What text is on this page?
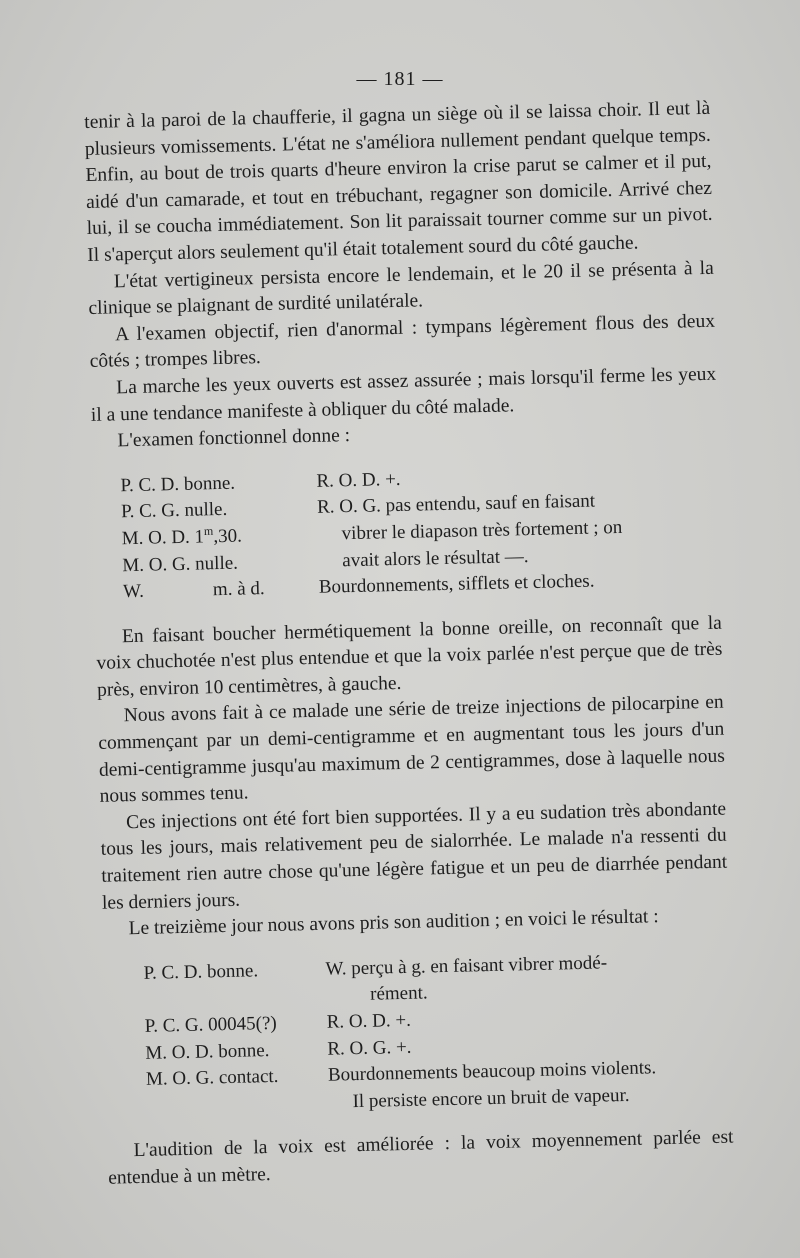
— 181 —

tenir à la paroi de la chaufferie, il gagna un siège où il se laissa choir. Il eut là plusieurs vomissements. L'état ne s'améliora nullement pendant quelque temps. Enfin, au bout de trois quarts d'heure environ la crise parut se calmer et il put, aidé d'un camarade, et tout en trébuchant, regagner son domicile. Arrivé chez lui, il se coucha immédiatement. Son lit paraissait tourner comme sur un pivot. Il s'aperçut alors seulement qu'il était totalement sourd du côté gauche.

L'état vertigineux persista encore le lendemain, et le 20 il se présenta à la clinique se plaignant de surdité unilatérale.

A l'examen objectif, rien d'anormal : tympans légèrement flous des deux côtés ; trompes libres.

La marche les yeux ouverts est assez assurée ; mais lorsqu'il ferme les yeux il a une tendance manifeste à obliquer du côté malade.

L'examen fonctionnel donne :

P. C. D. bonne.
P. C. G. nulle.
M. O. D. 1$^m$,30.
M. O. G. nulle.
W.	m. à d.
R. O. D. +.
R. O. G. pas entendu, sauf en faisant
vibrer le diapason très fortement ; on
avait alors le résultat —.
Bourdonnements, sifflets et cloches.

En faisant boucher hermétiquement la bonne oreille, on reconnaît que la voix chuchotée n'est plus entendue et que la voix parlée n'est perçue que de très près, environ 10 centimètres, à gauche.

Nous avons fait à ce malade une série de treize injections de pilocarpine en commençant par un demi-centigramme et en augmentant tous les jours d'un demi-centigramme jusqu'au maximum de 2 centigrammes, dose à laquelle nous nous sommes tenu.

Ces injections ont été fort bien supportées. Il y a eu sudation très abondante tous les jours, mais relativement peu de sialorrhée. Le malade n'a ressenti du traitement rien autre chose qu'une légère fatigue et un peu de diarrhée pendant les derniers jours.

Le treizième jour nous avons pris son audition ; en voici le résultat :

P. C. D. bonne.
P. C. G. 00045(?)
M. O. D. bonne.
M. O. G. contact.
W. perçu à g. en faisant vibrer modé-
rément.
R. O. D. +.
R. O. G. +.
Bourdonnements beaucoup moins violents.
Il persiste encore un bruit de vapeur.

L'audition de la voix est améliorée : la voix moyennement parlée est entendue à un mètre.
